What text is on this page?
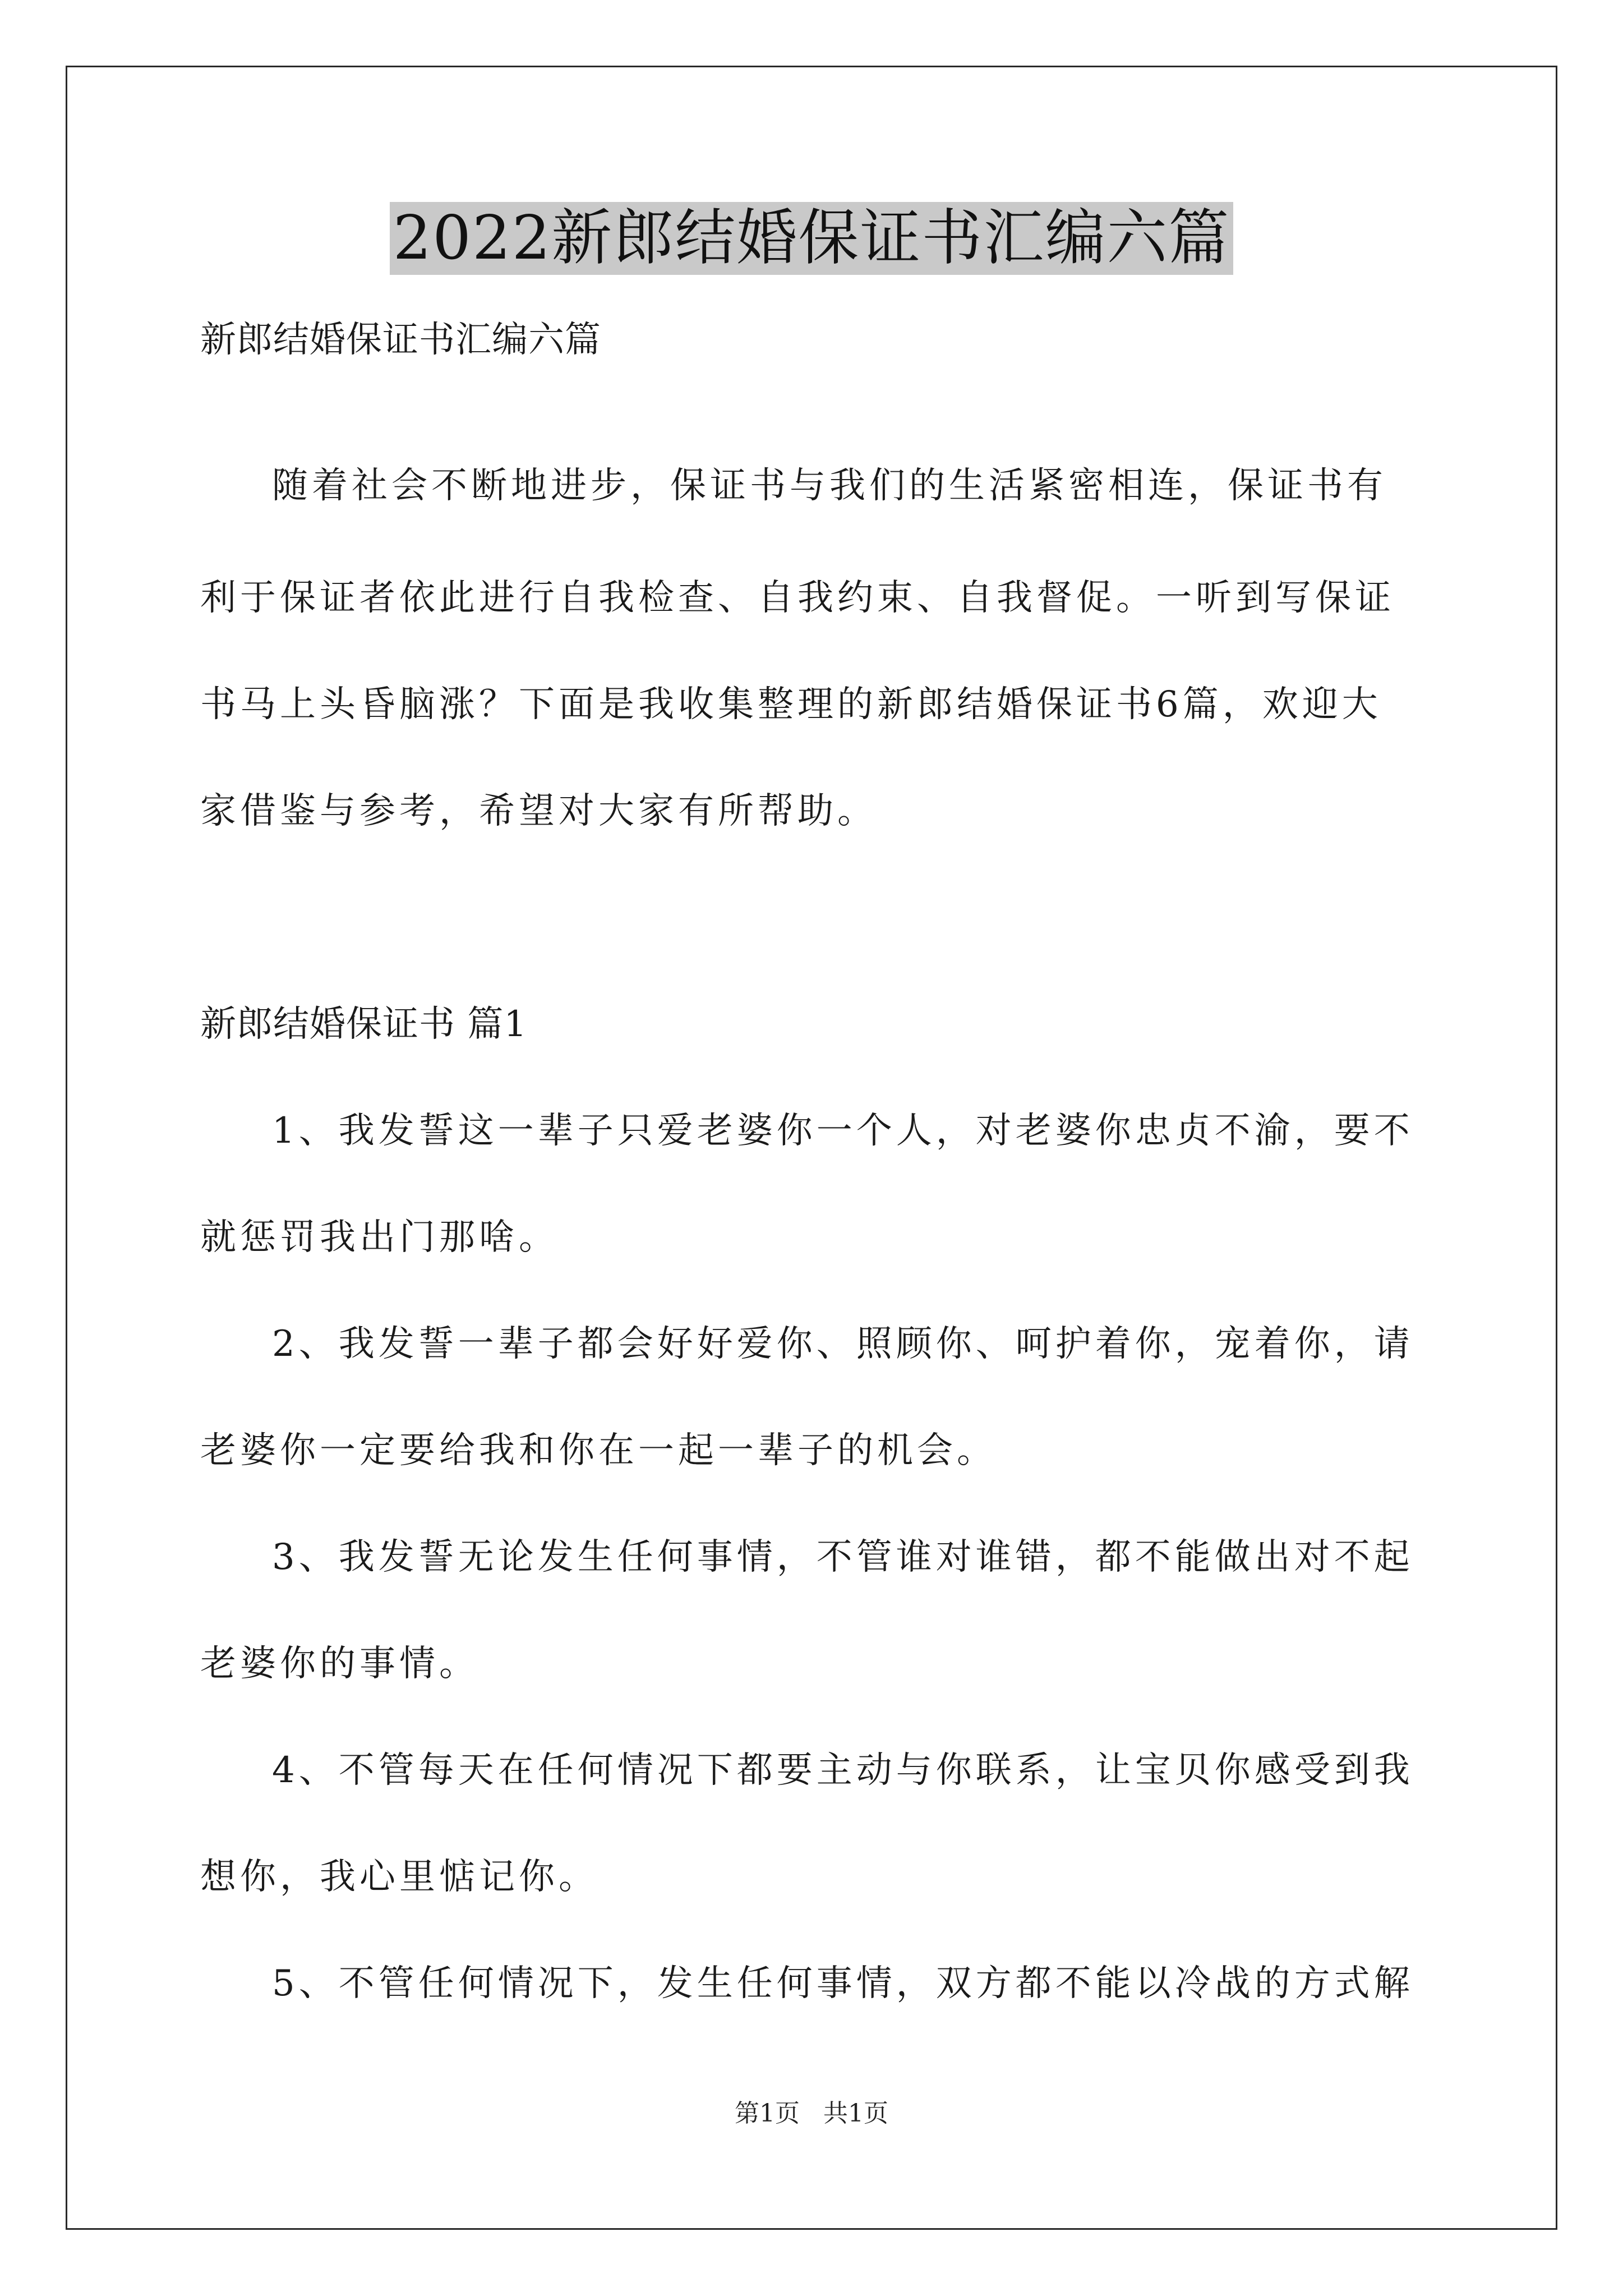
2022新郎结婚保证书汇编六篇
新郎结婚保证书汇编六篇
随着社会不断地进步，保证书与我们的生活紧密相连，保证书有
利于保证者依此进行自我检查、自我约束、自我督促。一听到写保证
书马上头昏脑涨？下面是我收集整理的新郎结婚保证书6篇，欢迎大
家借鉴与参考，希望对大家有所帮助。
新郎结婚保证书 篇1
1、我发誓这一辈子只爱老婆你一个人，对老婆你忠贞不渝，要不
就惩罚我出门那啥。
2、我发誓一辈子都会好好爱你、照顾你、呵护着你，宠着你，请
老婆你一定要给我和你在一起一辈子的机会。
3、我发誓无论发生任何事情，不管谁对谁错，都不能做出对不起
老婆你的事情。
4、不管每天在任何情况下都要主动与你联系，让宝贝你感受到我
想你，我心里惦记你。
5、不管任何情况下，发生任何事情，双方都不能以冷战的方式解
第1页 共1页
